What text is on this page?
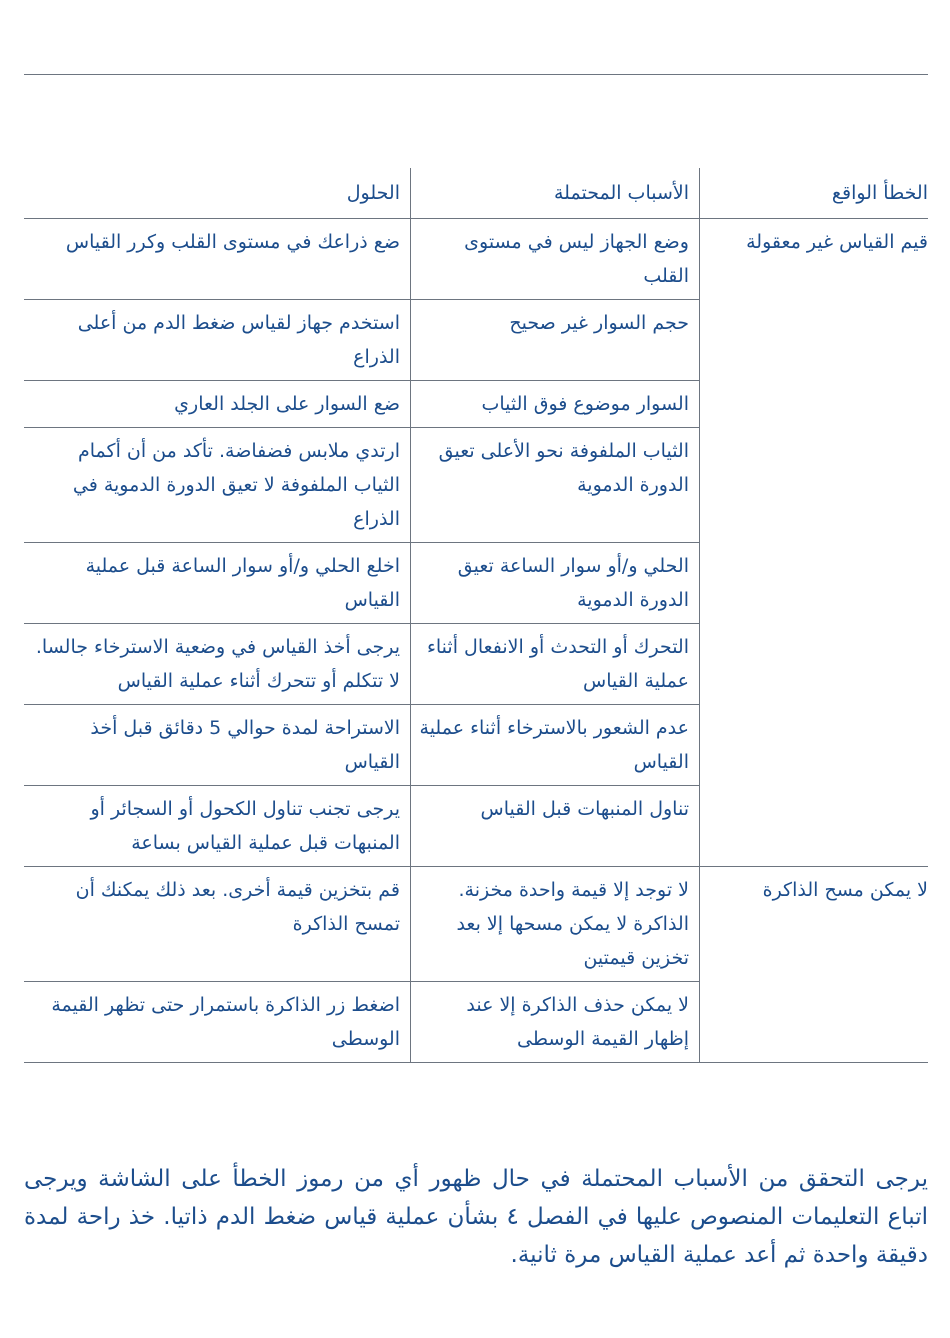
الخطأ الواقع	الأسباب المحتملة	الحلول
قيم القياس غير معقولة	وضع الجهاز ليس في مستوى القلب	ضع ذراعك في مستوى القلب وكرر القياس
	حجم السوار غير صحيح	استخدم جهاز لقياس ضغط الدم من أعلى الذراع
	السوار موضوع فوق الثياب	ضع السوار على الجلد العاري
	الثياب الملفوفة نحو الأعلى تعيق الدورة الدموية	ارتدي ملابس فضفاضة. تأكد من أن أكمام الثياب الملفوفة لا تعيق الدورة الدموية في الذراع
	الحلي و/أو سوار الساعة تعيق الدورة الدموية	اخلع الحلي و/أو سوار الساعة قبل عملية القياس
	التحرك أو التحدث أو الانفعال أثناء عملية القياس	يرجى أخذ القياس في وضعية الاسترخاء جالسا. لا تتكلم أو تتحرك أثناء عملية القياس
	عدم الشعور بالاسترخاء أثناء عملية القياس	الاستراحة لمدة حوالي 5 دقائق قبل أخذ القياس
	تناول المنبهات قبل القياس	يرجى تجنب تناول الكحول أو السجائر أو المنبهات قبل عملية القياس بساعة
لا يمكن مسح الذاكرة	لا توجد إلا قيمة واحدة مخزنة. الذاكرة لا يمكن مسحها إلا بعد تخزين قيمتين	قم بتخزين قيمة أخرى. بعد ذلك يمكنك أن تمسح الذاكرة
	لا يمكن حذف الذاكرة إلا عند إظهار القيمة الوسطى	اضغط زر الذاكرة باستمرار حتى تظهر القيمة الوسطى

يرجى التحقق من الأسباب المحتملة في حال ظهور أي من رموز الخطأ على الشاشة ويرجى اتباع التعليمات المنصوص عليها في الفصل ٤ بشأن عملية قياس ضغط الدم ذاتيا. خذ راحة لمدة دقيقة واحدة ثم أعد عملية القياس مرة ثانية.
